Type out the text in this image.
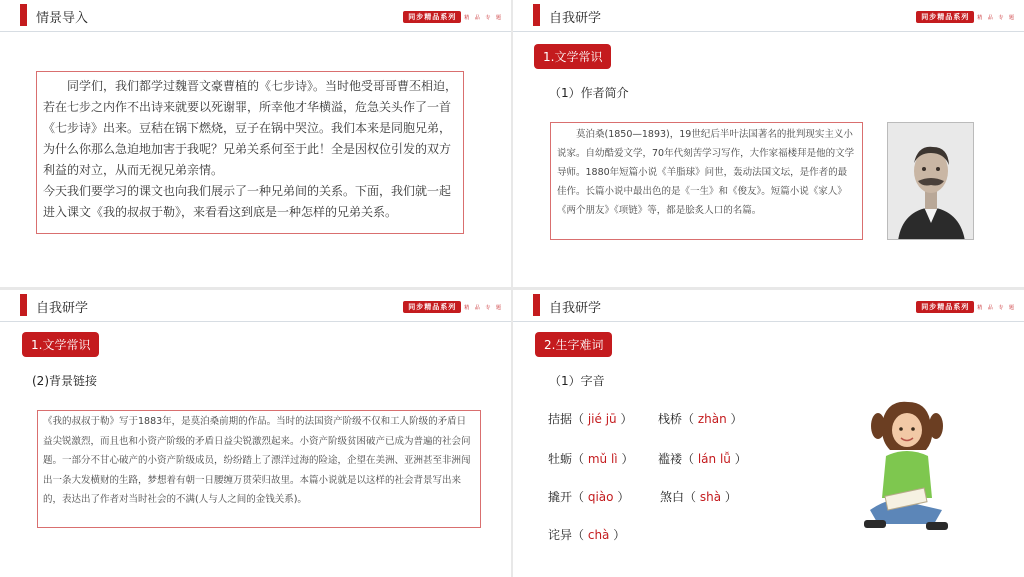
情景导入	同步精品系列	精 品 专 题

同学们，我们都学过魏晋文豪曹植的《七步诗》。当时他受哥哥曹丕相迫，若在七步之内作不出诗来就要以死谢罪，所幸他才华横溢，危急关头作了一首《七步诗》出来。豆秸在锅下燃烧，豆子在锅中哭泣。我们本来是同胞兄弟，为什么你那么急迫地加害于我呢？兄弟关系何至于此！全是因权位引发的双方利益的对立，从而无视兄弟亲情。

今天我们要学习的课文也向我们展示了一种兄弟间的关系。下面，我们就一起进入课文《我的叔叔于勒》，来看看这到底是一种怎样的兄弟关系。

自我研学	同步精品系列	精 品 专 题
1.文学常识
（1）作者简介
莫泊桑(1850—1893)，19世纪后半叶法国著名的批判现实主义小说家。自幼酷爱文学，70年代刻苦学习写作，大作家福楼拜是他的文学导师。1880年短篇小说《羊脂球》问世，轰动法国文坛，是作者的最佳作。长篇小说中最出色的是《一生》和《俊友》。短篇小说《家人》《两个朋友》《项链》等，都是脍炙人口的名篇。
自我研学	同步精品系列	精 品 专 题
1.文学常识
(2)背景链接
《我的叔叔于勒》写于1883年，是莫泊桑前期的作品。当时的法国资产阶级不仅和工人阶级的矛盾日益尖锐激烈，而且也和小资产阶级的矛盾日益尖锐激烈起来。小资产阶级贫困破产已成为普遍的社会问题。一部分不甘心破产的小资产阶级成员，纷纷踏上了漂洋过海的险途，企望在美洲、亚洲甚至非洲闯出一条大发横财的生路，梦想着有朝一日腰缠万贯荣归故里。本篇小说就是以这样的社会背景写出来的，表达出了作者对当时社会的不满(人与人之间的金钱关系)。
自我研学	同步精品系列	精 品 专 题
2.生字难词
（1）字音
拮据（ jié jū ） 栈桥（ zhàn ）
牡蛎（ mǔ lì ） 褴褛（ lán lǚ ）
撬开（ qiào ）	煞白（ shà ）
诧异（ chà ）
